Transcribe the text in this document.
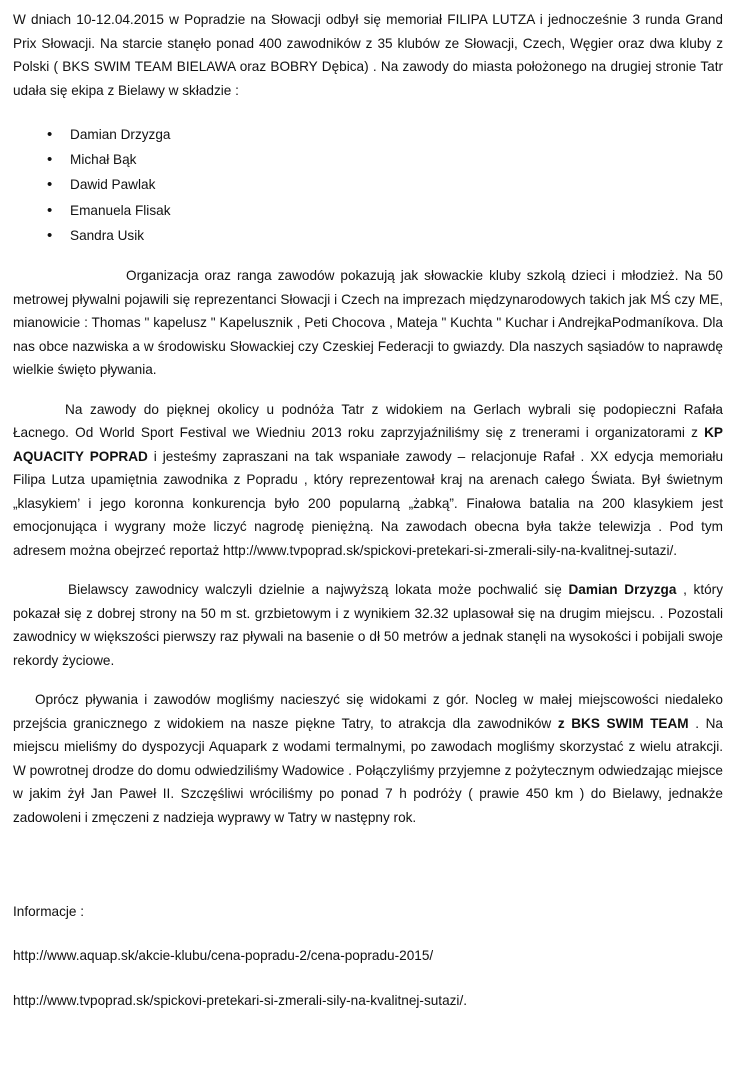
W dniach 10-12.04.2015 w Popradzie na Słowacji odbył się memoriał FILIPA LUTZA i jednocześnie 3 runda Grand Prix Słowacji. Na starcie stanęło ponad 400 zawodników z 35 klubów ze Słowacji, Czech, Węgier oraz dwa kluby z Polski ( BKS SWIM TEAM BIELAWA oraz BOBRY Dębica) . Na zawody do miasta położonego na drugiej stronie Tatr udała się ekipa z Bielawy w składzie :

• Damian Drzyzga
• Michał Bąk
• Dawid Pawlak
• Emanuela Flisak
• Sandra Usik

Organizacja oraz ranga zawodów pokazują jak słowackie kluby szkolą dzieci i młodzież. Na 50 metrowej pływalni pojawili się reprezentanci Słowacji i Czech na imprezach międzynarodowych takich jak MŚ czy ME, mianowicie : Thomas " kapelusz " Kapelusznik , Peti Chocova , Mateja " Kuchta " Kuchar i AndrejkaPodmaníkova. Dla nas obce nazwiska a w środowisku Słowackiej czy Czeskiej Federacji to gwiazdy. Dla naszych sąsiadów to naprawdę wielkie święto pływania.

Na zawody do pięknej okolicy u podnóża Tatr z widokiem na Gerlach wybrali się podopieczni Rafała Łacnego. Od World Sport Festival we Wiedniu 2013 roku zaprzyjaźniliśmy się z trenerami i organizatorami z KP AQUACITY POPRAD i jesteśmy zapraszani na tak wspaniałe zawody – relacjonuje Rafał . XX edycja memoriału Filipa Lutza upamiętnia zawodnika z Popradu , który reprezentował kraj na arenach całego Świata. Był świetnym „klasykiem’ i jego koronna konkurencja było 200 popularną „żabką”. Finałowa batalia na 200 klasykiem jest emocjonująca i wygrany może liczyć nagrodę pieniężną. Na zawodach obecna była także telewizja . Pod tym adresem można obejrzeć reportaż http://www.tvpoprad.sk/spickovi-pretekari-si-zmerali-sily-na-kvalitnej-sutazi/.

Bielawscy zawodnicy walczyli dzielnie a najwyższą lokata może pochwalić się Damian Drzyzga , który pokazał się z dobrej strony na 50 m st. grzbietowym i z wynikiem 32.32 uplasował się na drugim miejscu. . Pozostali zawodnicy w większości pierwszy raz pływali na basenie o dł 50 metrów a jednak stanęli na wysokości i pobijali swoje rekordy życiowe.

Oprócz pływania i zawodów mogliśmy nacieszyć się widokami z gór. Nocleg w małej miejscowości niedaleko przejścia granicznego z widokiem na nasze piękne Tatry, to atrakcja dla zawodników z BKS SWIM TEAM . Na miejscu mieliśmy do dyspozycji Aquapark z wodami termalnymi, po zawodach mogliśmy skorzystać z wielu atrakcji. W powrotnej drodze do domu odwiedziliśmy Wadowice . Połączyliśmy przyjemne z pożytecznym odwiedzając miejsce w jakim żył Jan Paweł II. Szczęśliwi wróciliśmy po ponad 7 h podróży ( prawie 450 km ) do Bielawy, jednakże zadowoleni i zmęczeni z nadzieja wyprawy w Tatry w następny rok.

Informacje :

http://www.aquap.sk/akcie-klubu/cena-popradu-2/cena-popradu-2015/

http://www.tvpoprad.sk/spickovi-pretekari-si-zmerali-sily-na-kvalitnej-sutazi/.
